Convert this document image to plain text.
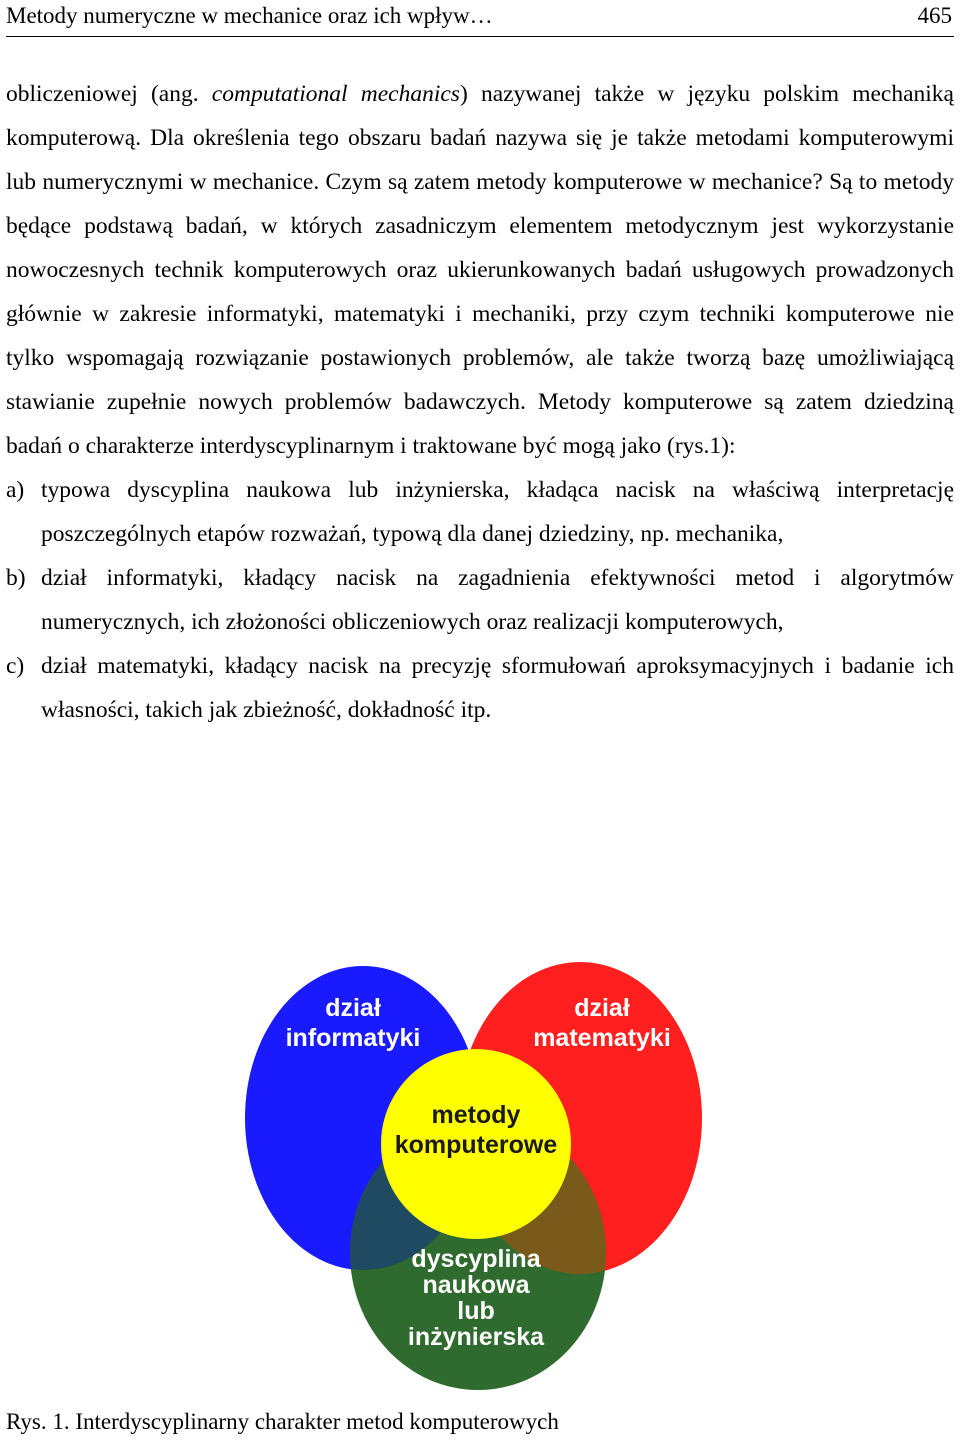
Metody numeryczne w mechanice oraz ich wpływ…	465

obliczeniowej (ang. computational mechanics) nazywanej także w języku polskim mechaniką komputerową. Dla określenia tego obszaru badań nazywa się je także metodami komputerowymi lub numerycznymi w mechanice. Czym są zatem metody komputerowe w mechanice? Są to metody będące podstawą badań, w których zasadniczym elementem metodycznym jest wykorzystanie nowoczesnych technik komputerowych oraz ukierunkowanych badań usługowych prowadzonych głównie w zakresie informatyki, matematyki i mechaniki, przy czym techniki komputerowe nie tylko wspomagają rozwiązanie postawionych problemów, ale także tworzą bazę umożliwiającą stawianie zupełnie nowych problemów badawczych. Metody komputerowe są zatem dziedziną badań o charakterze interdyscyplinarnym i traktowane być mogą jako (rys.1):

a) typowa dyscyplina naukowa lub inżynierska, kładąca nacisk na właściwą interpretację poszczególnych etapów rozważań, typową dla danej dziedziny, np. mechanika,
b) dział informatyki, kładący nacisk na zagadnienia efektywności metod i algorytmów numerycznych, ich złożoności obliczeniowych oraz realizacji komputerowych,
c) dział matematyki, kładący nacisk na precyzję sformułowań aproksymacyjnych i badanie ich własności, takich jak zbieżność, dokładność itp.
dział
informatyki
dział
matematyki
metody
komputerowe
dyscyplina
naukowa
lub
inżynierska
Rys. 1. Interdyscyplinarny charakter metod komputerowych
